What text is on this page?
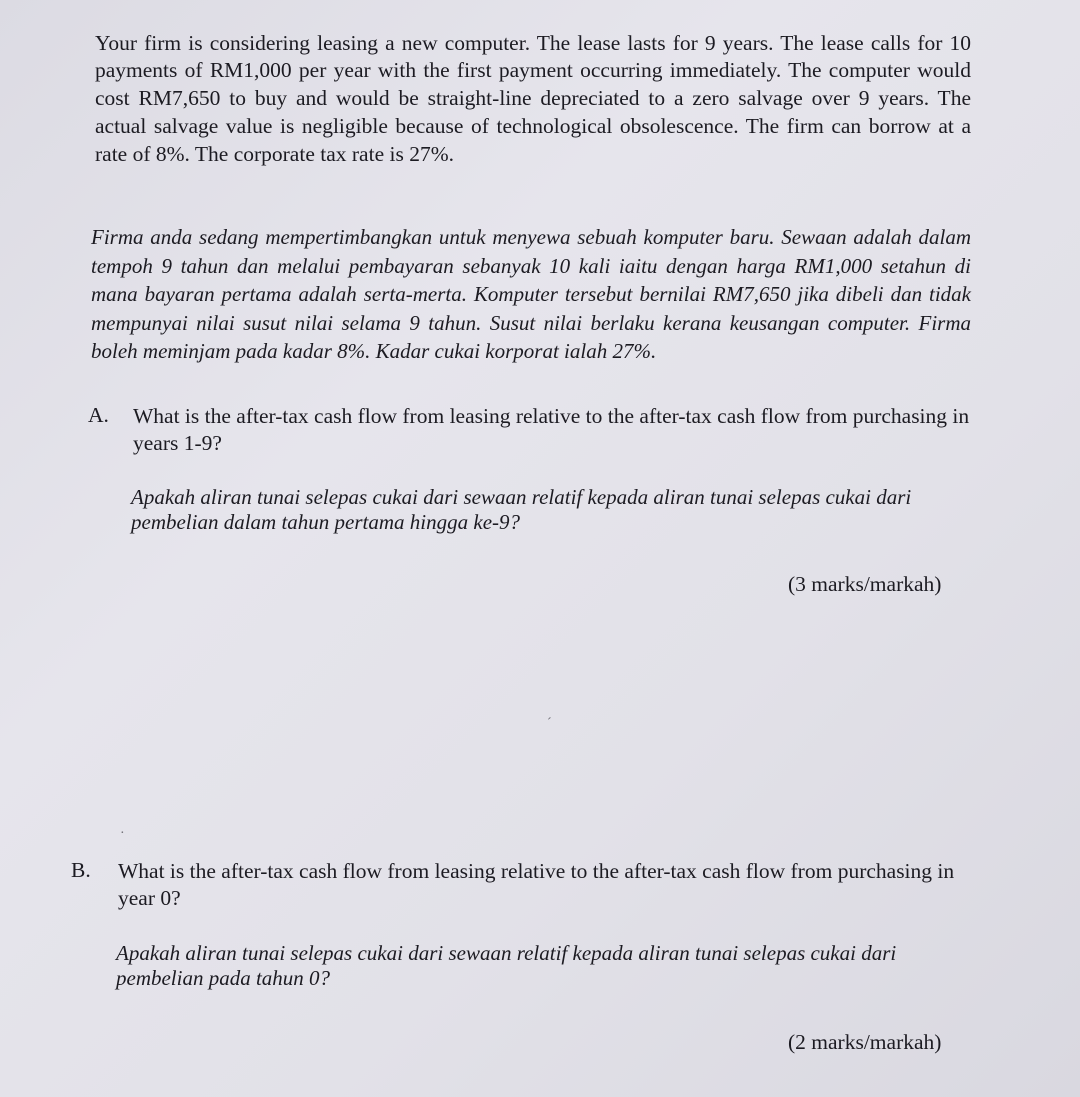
Your firm is considering leasing a new computer. The lease lasts for 9 years. The lease calls for 10 payments of RM1,000 per year with the first payment occurring immediately. The computer would cost RM7,650 to buy and would be straight-line depreciated to a zero salvage over 9 years. The actual salvage value is negligible because of technological obsolescence. The firm can borrow at a rate of 8%. The corporate tax rate is 27%.

Firma anda sedang mempertimbangkan untuk menyewa sebuah komputer baru. Sewaan adalah dalam tempoh 9 tahun dan melalui pembayaran sebanyak 10 kali iaitu dengan harga RM1,000 setahun di mana bayaran pertama adalah serta-merta. Komputer tersebut bernilai RM7,650 jika dibeli dan tidak mempunyai nilai susut nilai selama 9 tahun. Susut nilai berlaku kerana keusangan computer. Firma boleh meminjam pada kadar 8%. Kadar cukai korporat ialah 27%.

A. What is the after-tax cash flow from leasing relative to the after-tax cash flow from purchasing in years 1-9?
Apakah aliran tunai selepas cukai dari sewaan relatif kepada aliran tunai selepas cukai dari pembelian dalam tahun pertama hingga ke-9?
(3 marks/markah)
ˊ
·
B. What is the after-tax cash flow from leasing relative to the after-tax cash flow from purchasing in year 0?
Apakah aliran tunai selepas cukai dari sewaan relatif kepada aliran tunai selepas cukai dari pembelian pada tahun 0?
(2 marks/markah)
